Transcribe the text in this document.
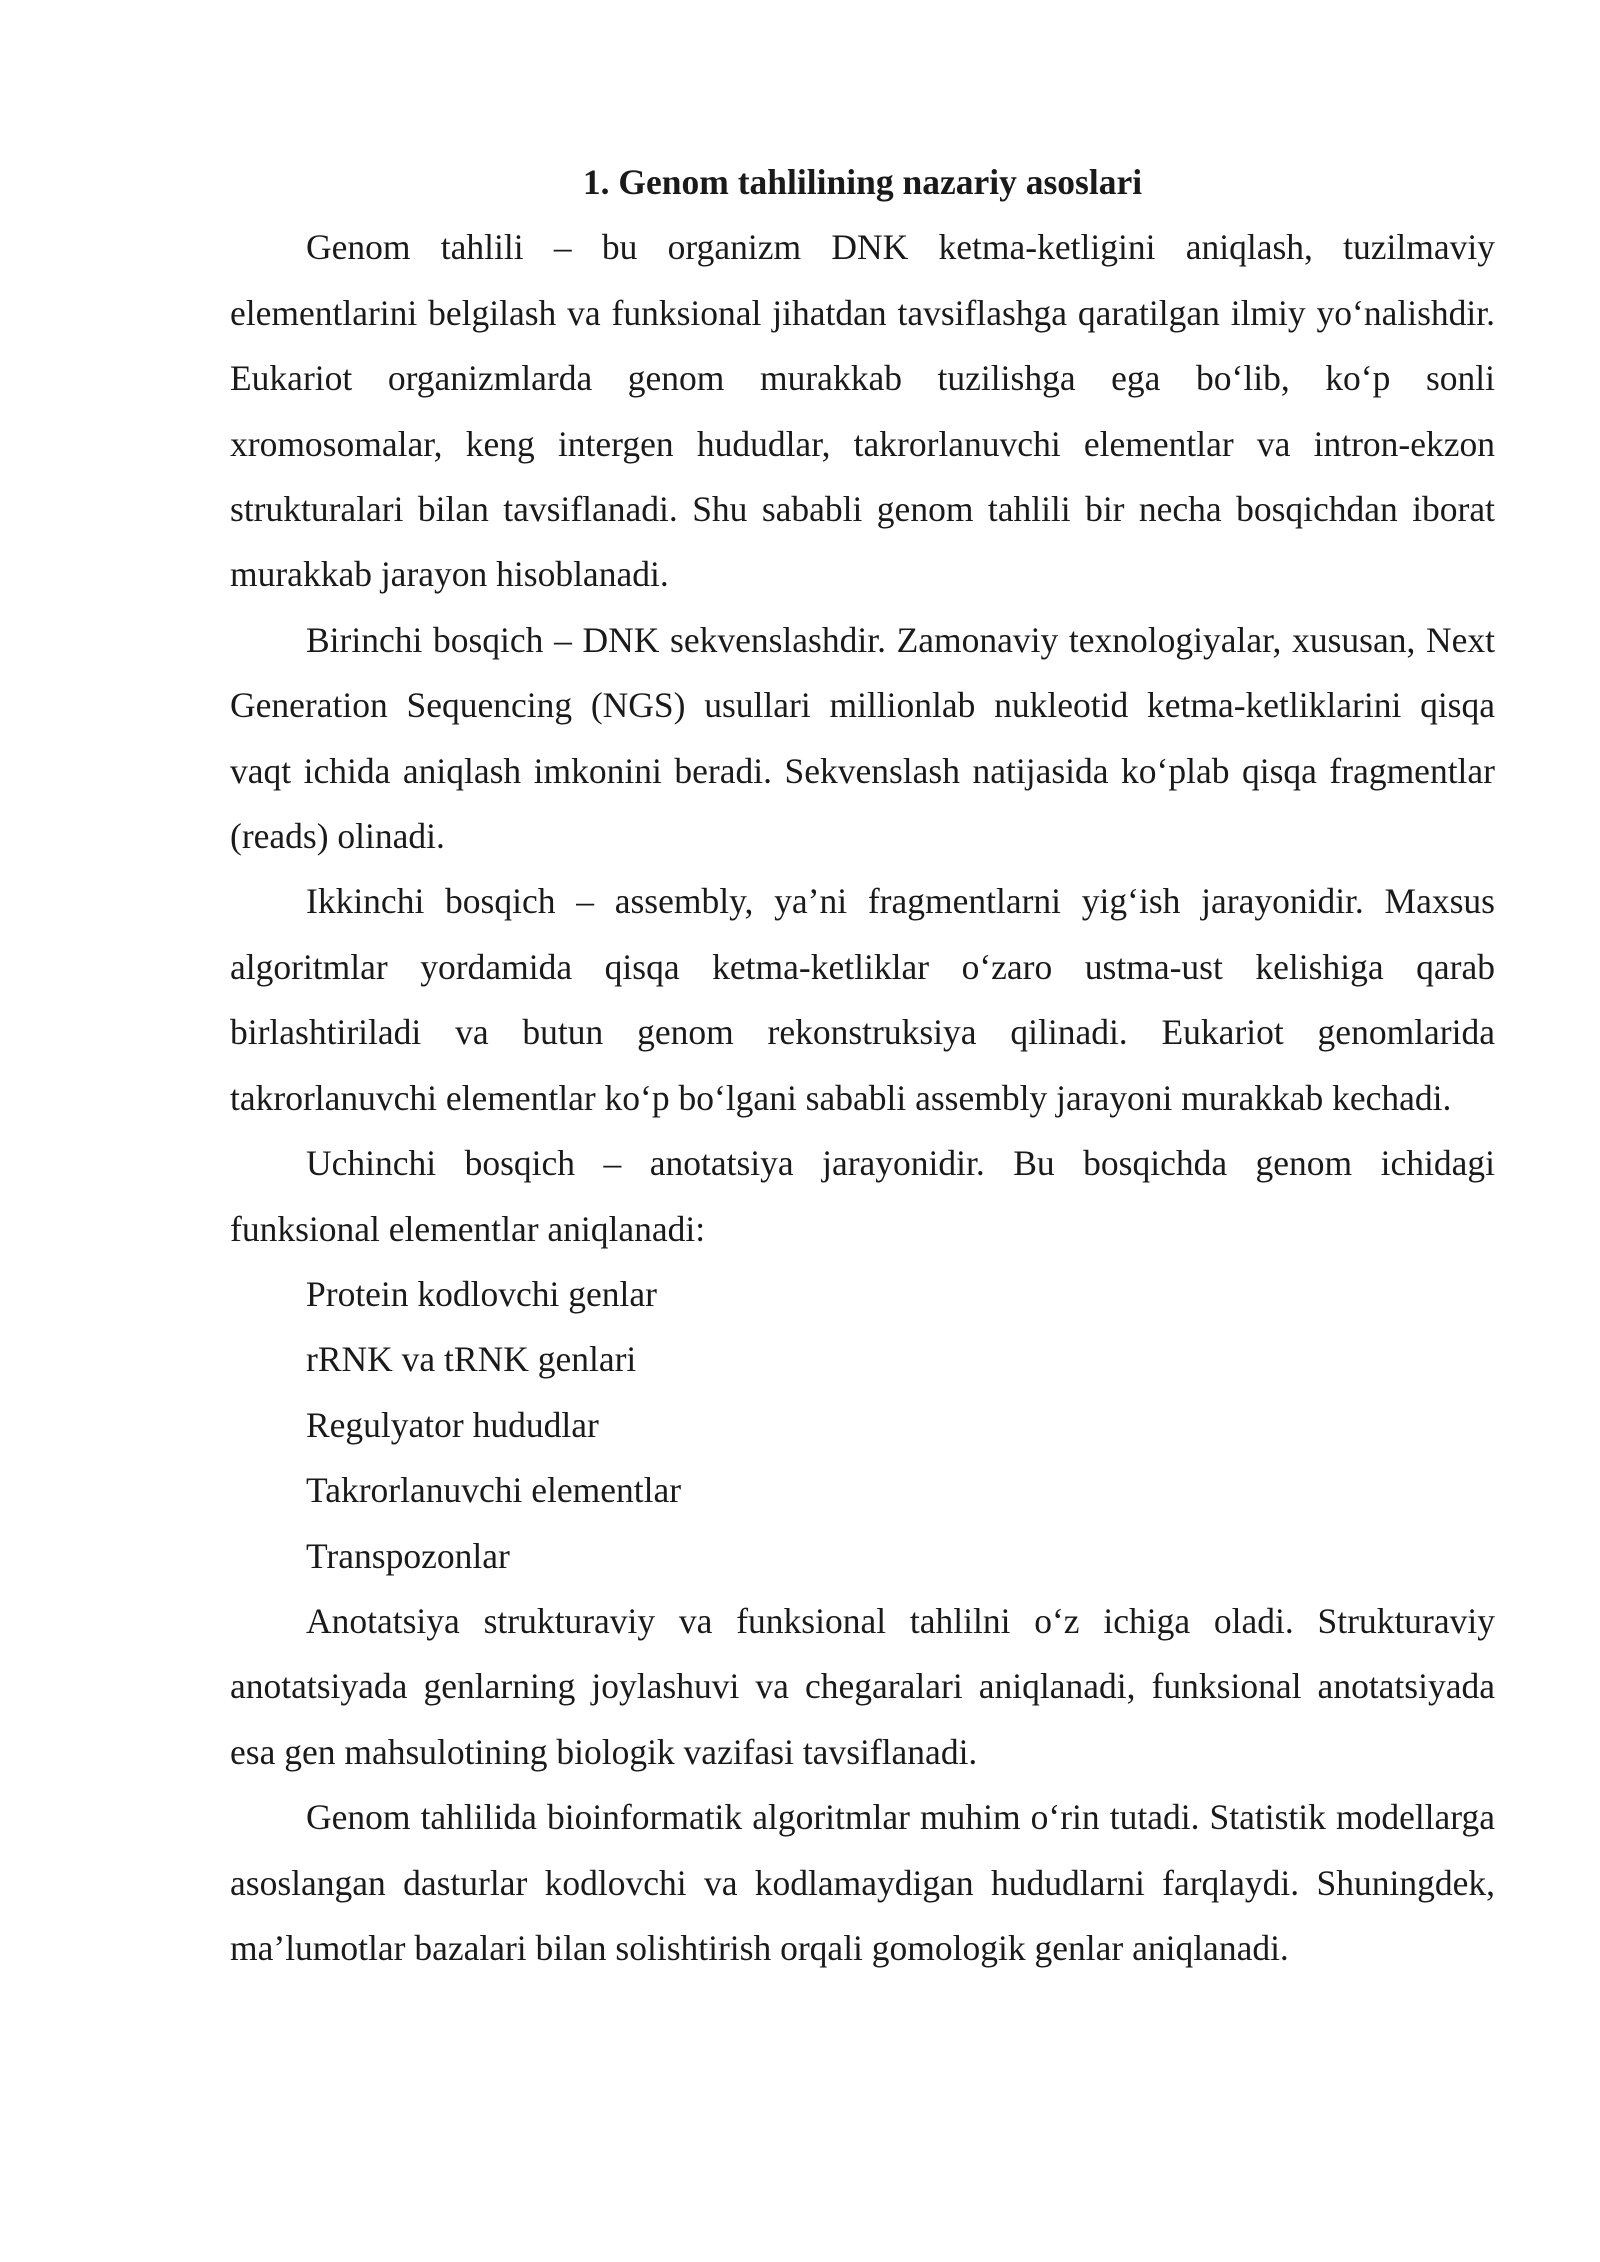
1. Genom tahlilining nazariy asoslari

Genom tahlili – bu organizm DNK ketma-ketligini aniqlash, tuzilmaviy elementlarini belgilash va funksional jihatdan tavsiflashga qaratilgan ilmiy yo‘nalishdir. Eukariot organizmlarda genom murakkab tuzilishga ega bo‘lib, ko‘p sonli xromosomalar, keng intergen hududlar, takrorlanuvchi elementlar va intron-ekzon strukturalari bilan tavsiflanadi. Shu sababli genom tahlili bir necha bosqichdan iborat murakkab jarayon hisoblanadi.

Birinchi bosqich – DNK sekvenslashdir. Zamonaviy texnologiyalar, xususan, Next Generation Sequencing (NGS) usullari millionlab nukleotid ketma-ketliklarini qisqa vaqt ichida aniqlash imkonini beradi. Sekvenslash natijasida ko‘plab qisqa fragmentlar (reads) olinadi.

Ikkinchi bosqich – assembly, ya’ni fragmentlarni yig‘ish jarayonidir. Maxsus algoritmlar yordamida qisqa ketma-ketliklar o‘zaro ustma-ust kelishiga qarab birlashtiriladi va butun genom rekonstruksiya qilinadi. Eukariot genomlarida takrorlanuvchi elementlar ko‘p bo‘lgani sababli assembly jarayoni murakkab kechadi.

Uchinchi bosqich – anotatsiya jarayonidir. Bu bosqichda genom ichidagi funksional elementlar aniqlanadi:

Protein kodlovchi genlar
rRNK va tRNK genlari
Regulyator hududlar
Takrorlanuvchi elementlar
Transpozonlar

Anotatsiya strukturaviy va funksional tahlilni o‘z ichiga oladi. Strukturaviy anotatsiyada genlarning joylashuvi va chegaralari aniqlanadi, funksional anotatsiyada esa gen mahsulotining biologik vazifasi tavsiflanadi.

Genom tahlilida bioinformatik algoritmlar muhim o‘rin tutadi. Statistik modellarga asoslangan dasturlar kodlovchi va kodlamaydigan hududlarni farqlaydi. Shuningdek, ma’lumotlar bazalari bilan solishtirish orqali gomologik genlar aniqlanadi.
